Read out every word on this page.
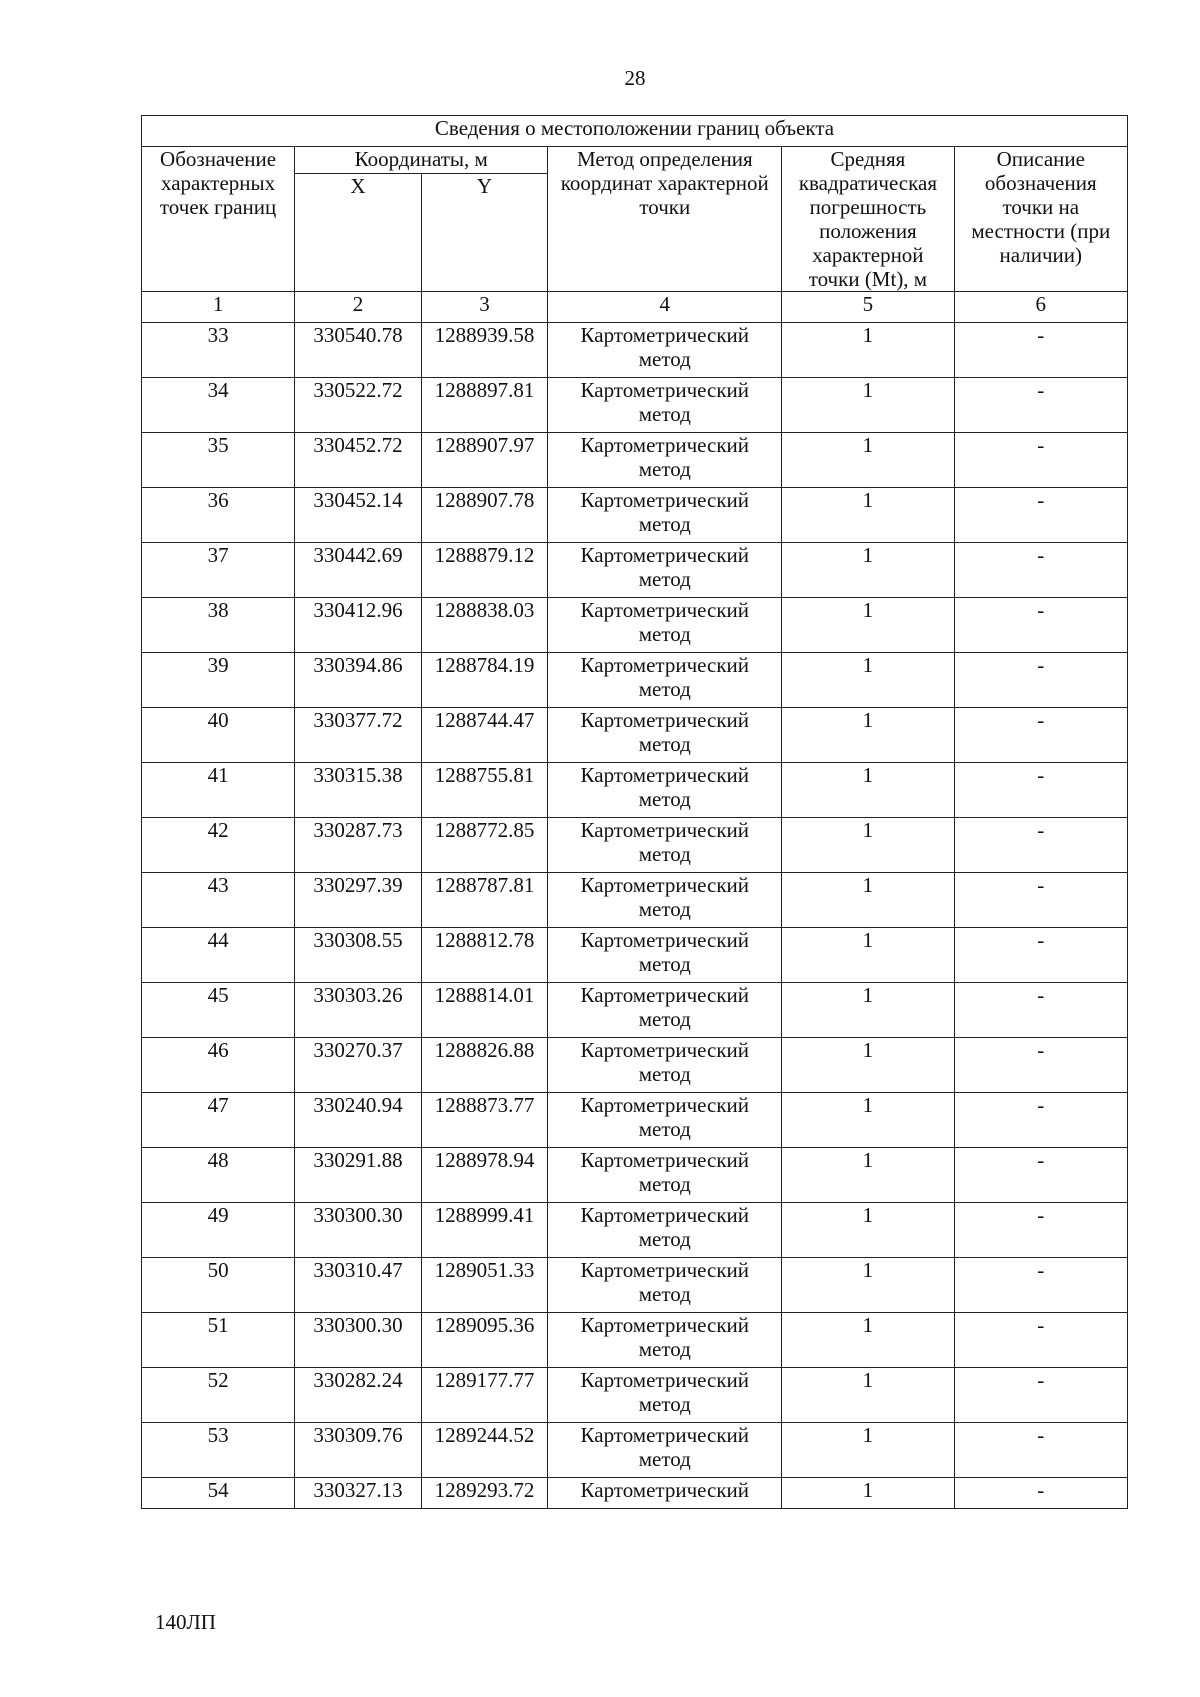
28
Сведения о местоположении границ объекта					
Обозначение характерных точек границ	Координаты, м		Метод определения координат характерной точки	Средняя квадратическая погрешность положения характерной точки (Mt), м	Описание обозначения точки на местности (при наличии)
	X	Y			
1	2	3	4	5	6
33	330540.78	1288939.58	Картометрический метод	1	-
34	330522.72	1288897.81	Картометрический метод	1	-
35	330452.72	1288907.97	Картометрический метод	1	-
36	330452.14	1288907.78	Картометрический метод	1	-
37	330442.69	1288879.12	Картометрический метод	1	-
38	330412.96	1288838.03	Картометрический метод	1	-
39	330394.86	1288784.19	Картометрический метод	1	-
40	330377.72	1288744.47	Картометрический метод	1	-
41	330315.38	1288755.81	Картометрический метод	1	-
42	330287.73	1288772.85	Картометрический метод	1	-
43	330297.39	1288787.81	Картометрический метод	1	-
44	330308.55	1288812.78	Картометрический метод	1	-
45	330303.26	1288814.01	Картометрический метод	1	-
46	330270.37	1288826.88	Картометрический метод	1	-
47	330240.94	1288873.77	Картометрический метод	1	-
48	330291.88	1288978.94	Картометрический метод	1	-
49	330300.30	1288999.41	Картометрический метод	1	-
50	330310.47	1289051.33	Картометрический метод	1	-
51	330300.30	1289095.36	Картометрический метод	1	-
52	330282.24	1289177.77	Картометрический метод	1	-
53	330309.76	1289244.52	Картометрический метод	1	-
54	330327.13	1289293.72	Картометрический	1	-
140ЛП
